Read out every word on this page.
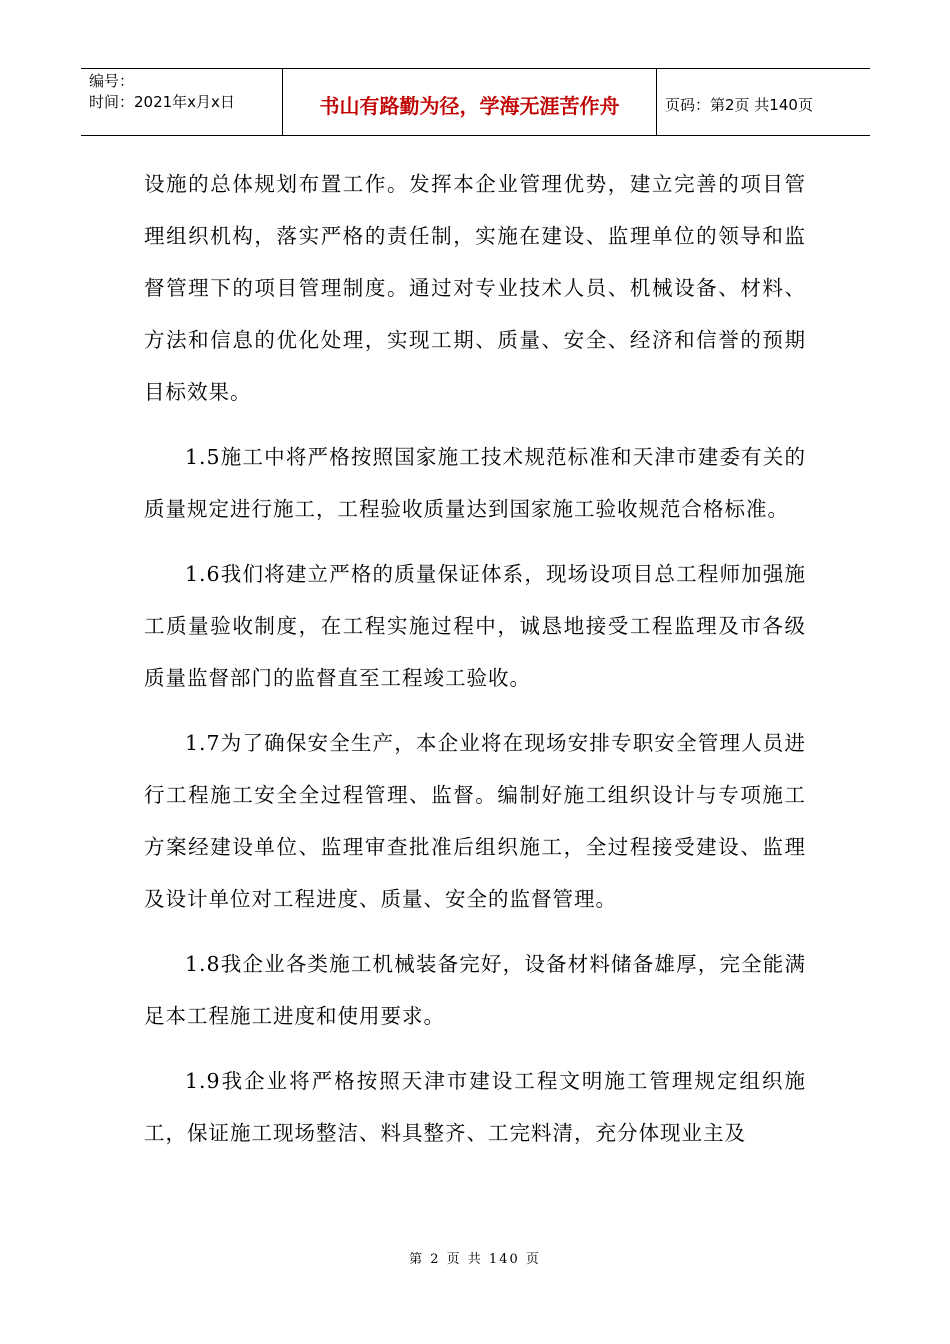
编号：
时间：2021年x月x日	书山有路勤为径，学海无涯苦作舟	页码：第2页 共140页

设施的总体规划布置工作。发挥本企业管理优势，建立完善的项目管理组织机构，落实严格的责任制，实施在建设、监理单位的领导和监督管理下的项目管理制度。通过对专业技术人员、机械设备、材料、方法和信息的优化处理，实现工期、质量、安全、经济和信誉的预期目标效果。

1.5施工中将严格按照国家施工技术规范标准和天津市建委有关的质量规定进行施工，工程验收质量达到国家施工验收规范合格标准。

1.6我们将建立严格的质量保证体系，现场设项目总工程师加强施工质量验收制度，在工程实施过程中，诚恳地接受工程监理及市各级质量监督部门的监督直至工程竣工验收。

1.7为了确保安全生产，本企业将在现场安排专职安全管理人员进行工程施工安全全过程管理、监督。编制好施工组织设计与专项施工方案经建设单位、监理审查批准后组织施工，全过程接受建设、监理及设计单位对工程进度、质量、安全的监督管理。

1.8我企业各类施工机械装备完好，设备材料储备雄厚，完全能满足本工程施工进度和使用要求。

1.9我企业将严格按照天津市建设工程文明施工管理规定组织施工，保证施工现场整洁、料具整齐、工完料清，充分体现业主及

第 2 页 共 140 页
